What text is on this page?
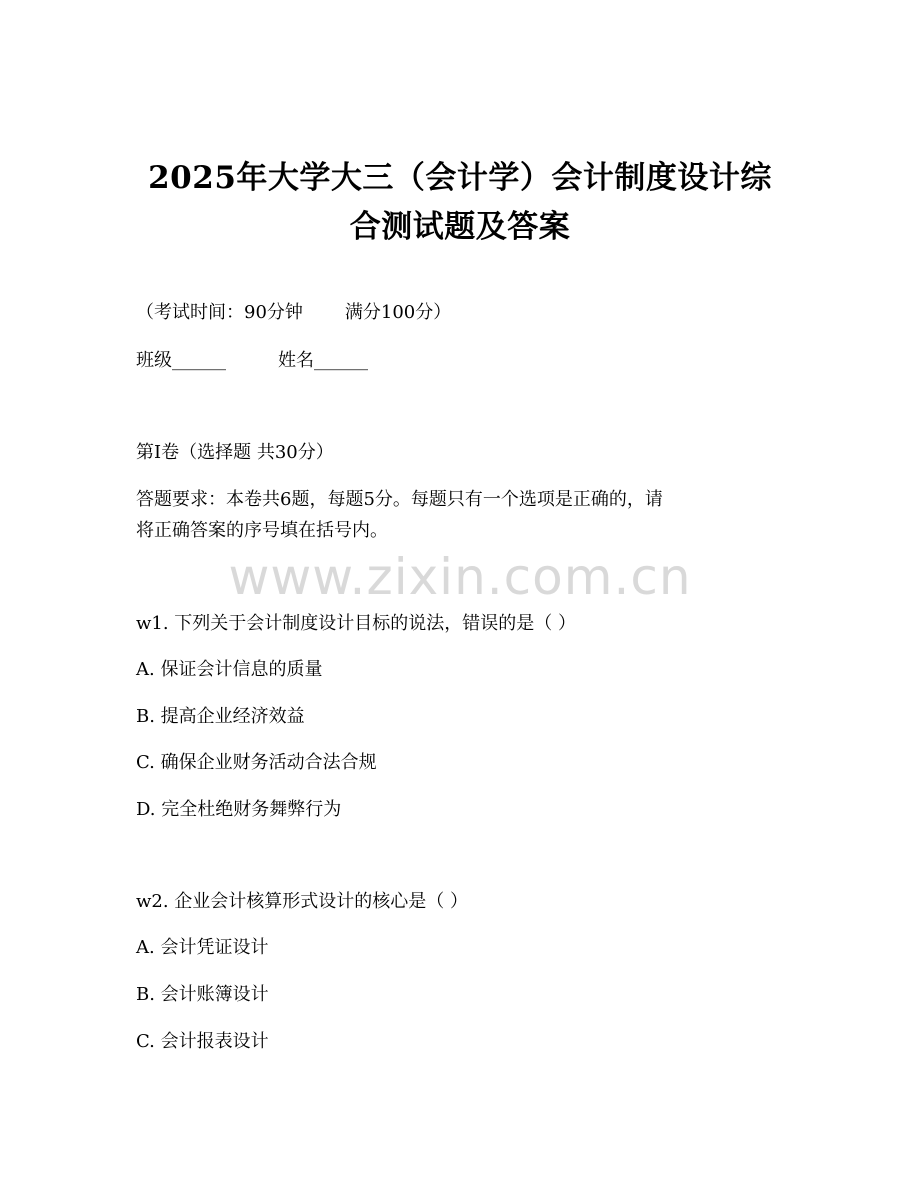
2025年大学大三（会计学）会计制度设计综
合测试题及答案
（考试时间：90分钟 满分100分）
班级______	姓名______
第Ⅰ卷（选择题 共30分）
答题要求：本卷共6题，每题5分。每题只有一个选项是正确的，请
将正确答案的序号填在括号内。
www.zixin.com.cn
w1. 下列关于会计制度设计目标的说法，错误的是（ ）
A. 保证会计信息的质量
B. 提高企业经济效益
C. 确保企业财务活动合法合规
D. 完全杜绝财务舞弊行为
w2. 企业会计核算形式设计的核心是（ ）
A. 会计凭证设计
B. 会计账簿设计
C. 会计报表设计
